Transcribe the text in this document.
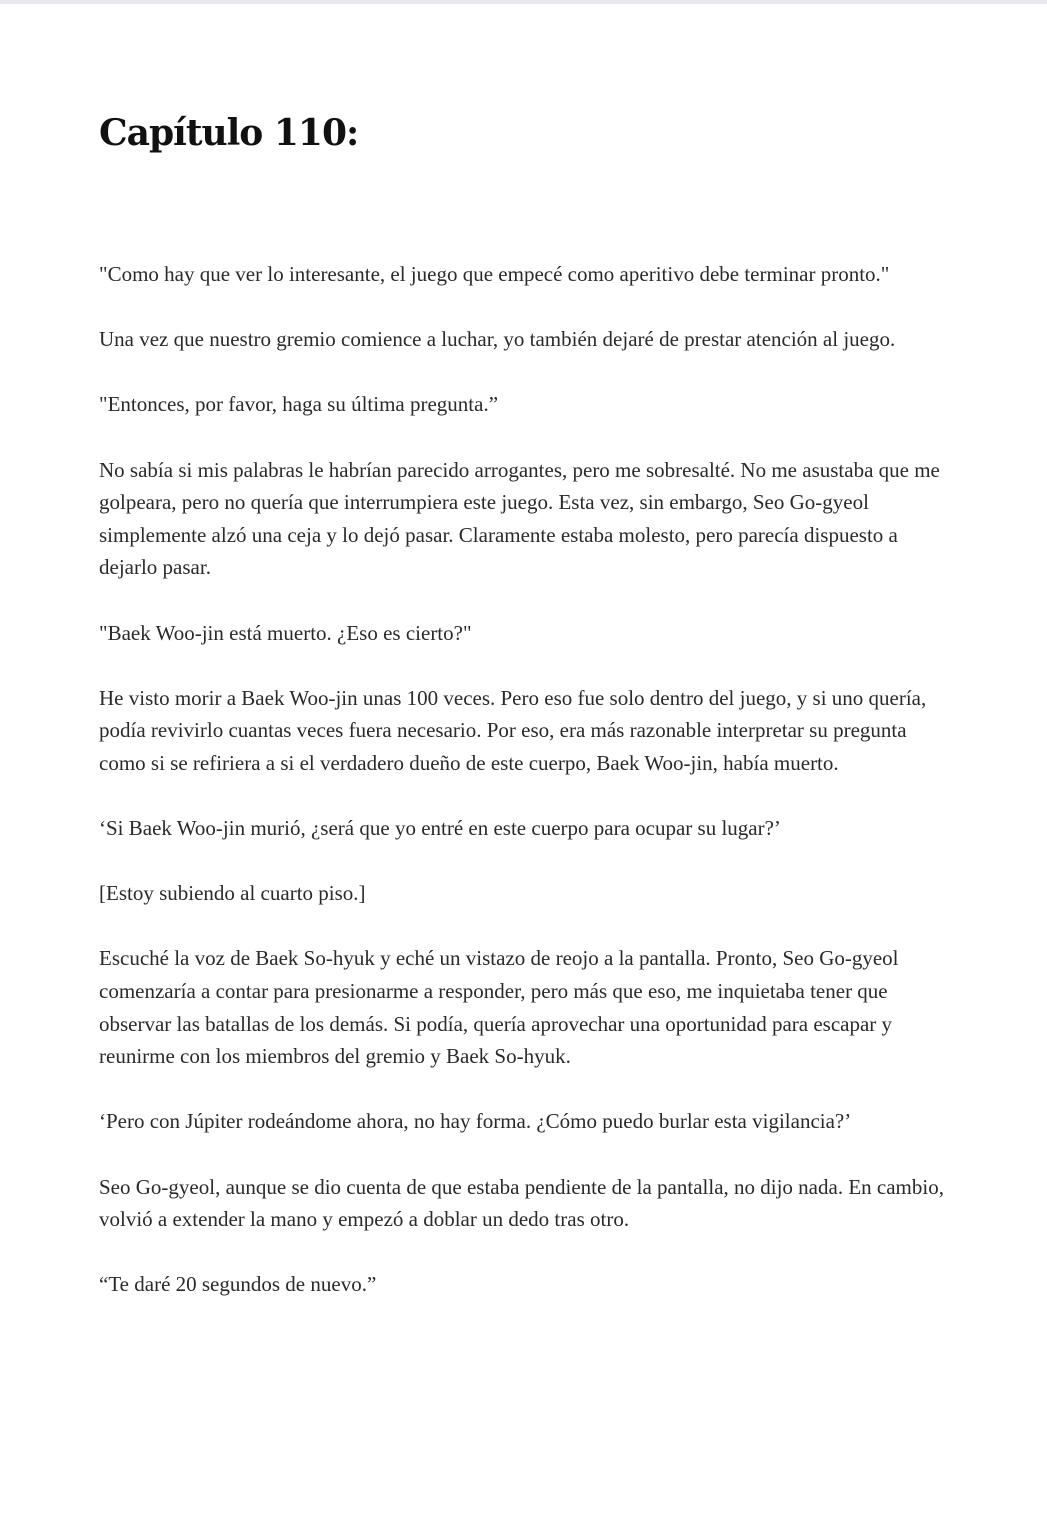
Capítulo 110:

"Como hay que ver lo interesante, el juego que empecé como aperitivo debe terminar pronto."

Una vez que nuestro gremio comience a luchar, yo también dejaré de prestar atención al juego.

"Entonces, por favor, haga su última pregunta.”

No sabía si mis palabras le habrían parecido arrogantes, pero me sobresalté. No me asustaba que me golpeara, pero no quería que interrumpiera este juego. Esta vez, sin embargo, Seo Go-gyeol simplemente alzó una ceja y lo dejó pasar. Claramente estaba molesto, pero parecía dispuesto a dejarlo pasar.

"Baek Woo-jin está muerto. ¿Eso es cierto?"

He visto morir a Baek Woo-jin unas 100 veces. Pero eso fue solo dentro del juego, y si uno quería, podía revivirlo cuantas veces fuera necesario. Por eso, era más razonable interpretar su pregunta como si se refiriera a si el verdadero dueño de este cuerpo, Baek Woo-jin, había muerto.

‘Si Baek Woo-jin murió, ¿será que yo entré en este cuerpo para ocupar su lugar?’

[Estoy subiendo al cuarto piso.]

Escuché la voz de Baek So-hyuk y eché un vistazo de reojo a la pantalla. Pronto, Seo Go-gyeol comenzaría a contar para presionarme a responder, pero más que eso, me inquietaba tener que observar las batallas de los demás. Si podía, quería aprovechar una oportunidad para escapar y reunirme con los miembros del gremio y Baek So-hyuk.

‘Pero con Júpiter rodeándome ahora, no hay forma. ¿Cómo puedo burlar esta vigilancia?’

Seo Go-gyeol, aunque se dio cuenta de que estaba pendiente de la pantalla, no dijo nada. En cambio, volvió a extender la mano y empezó a doblar un dedo tras otro.

“Te daré 20 segundos de nuevo.”
